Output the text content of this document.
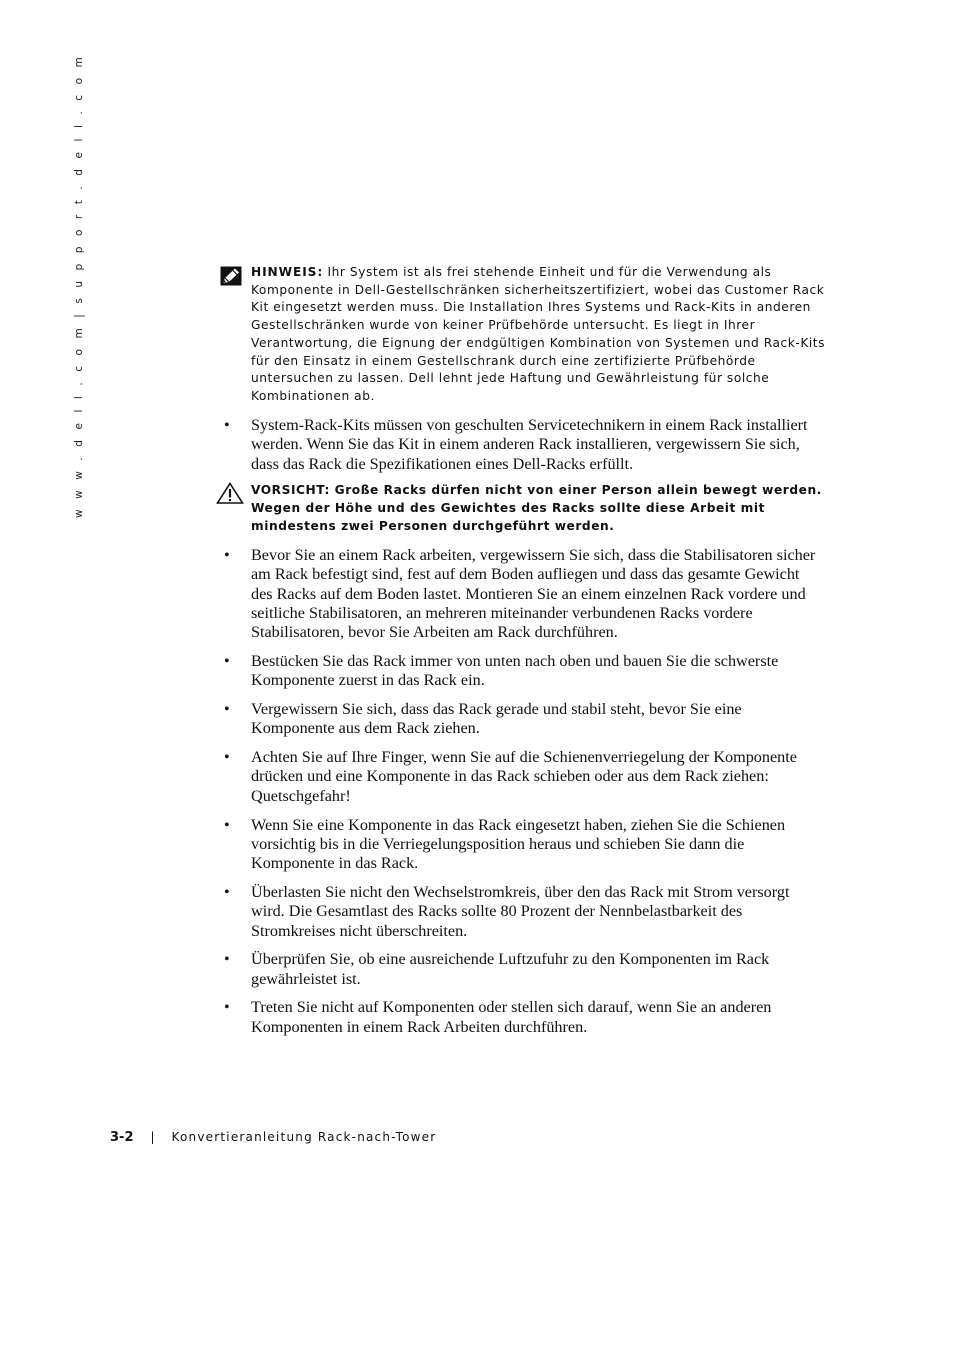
w w w . d e l l . c o m | s u p p o r t . d e l l . c o m	HINWEIS: Ihr System ist als frei stehende Einheit und für die Verwendung als Komponente in Dell-Gestellschränken sicherheitszertifiziert, wobei das Customer Rack Kit eingesetzt werden muss. Die Installation Ihres Systems und Rack-Kits in anderen Gestellschränken wurde von keiner Prüfbehörde untersucht. Es liegt in Ihrer Verantwortung, die Eignung der endgültigen Kombination von Systemen und Rack-Kits für den Einsatz in einem Gestellschrank durch eine zertifizierte Prüfbehörde untersuchen zu lassen. Dell lehnt jede Haftung und Gewährleistung für solche Kombinationen ab.
• System-Rack-Kits müssen von geschulten Servicetechnikern in einem Rack installiert werden. Wenn Sie das Kit in einem anderen Rack installieren, vergewissern Sie sich, dass das Rack die Spezifikationen eines Dell-Racks erfüllt.
VORSICHT: Große Racks dürfen nicht von einer Person allein bewegt werden. Wegen der Höhe und des Gewichtes des Racks sollte diese Arbeit mit mindestens zwei Personen durchgeführt werden.
• Bevor Sie an einem Rack arbeiten, vergewissern Sie sich, dass die Stabilisatoren sicher am Rack befestigt sind, fest auf dem Boden aufliegen und dass das gesamte Gewicht des Racks auf dem Boden lastet. Montieren Sie an einem einzelnen Rack vordere und seitliche Stabilisatoren, an mehreren miteinander verbundenen Racks vordere Stabilisatoren, bevor Sie Arbeiten am Rack durchführen.
• Bestücken Sie das Rack immer von unten nach oben und bauen Sie die schwerste Komponente zuerst in das Rack ein.
• Vergewissern Sie sich, dass das Rack gerade und stabil steht, bevor Sie eine Komponente aus dem Rack ziehen.
• Achten Sie auf Ihre Finger, wenn Sie auf die Schienenverriegelung der Komponente drücken und eine Komponente in das Rack schieben oder aus dem Rack ziehen: Quetschgefahr!
• Wenn Sie eine Komponente in das Rack eingesetzt haben, ziehen Sie die Schienen vorsichtig bis in die Verriegelungsposition heraus und schieben Sie dann die Komponente in das Rack.
• Überlasten Sie nicht den Wechselstromkreis, über den das Rack mit Strom versorgt wird. Die Gesamtlast des Racks sollte 80 Prozent der Nennbelastbarkeit des Stromkreises nicht überschreiten.
• Überprüfen Sie, ob eine ausreichende Luftzufuhr zu den Komponenten im Rack gewährleistet ist.
• Treten Sie nicht auf Komponenten oder stellen sich darauf, wenn Sie an anderen Komponenten in einem Rack Arbeiten durchführen.
3-2 | Konvertieranleitung Rack-nach-Tower
